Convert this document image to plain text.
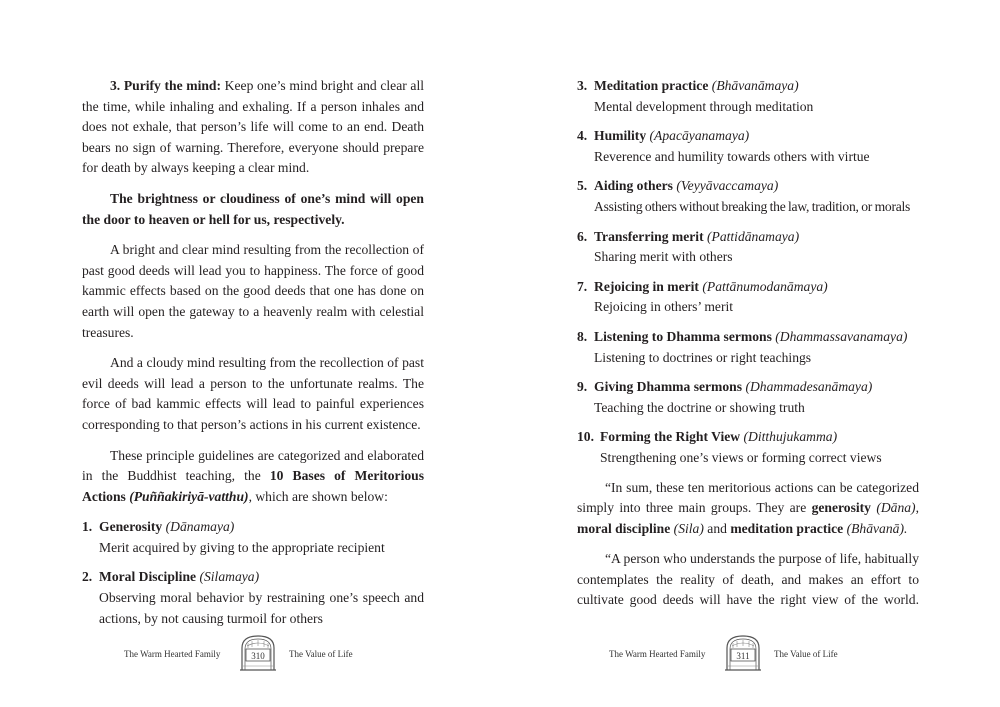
3. Purify the mind: Keep one’s mind bright and clear all the time, while inhaling and exhaling. If a person inhales and does not exhale, that person’s life will come to an end. Death bears no sign of warning. Therefore, everyone should prepare for death by always keeping a clear mind.

The brightness or cloudiness of one’s mind will open the door to heaven or hell for us, respectively.

A bright and clear mind resulting from the recollection of past good deeds will lead you to happiness. The force of good kammic effects based on the good deeds that one has done on earth will open the gateway to a heavenly realm with celestial treasures.

And a cloudy mind resulting from the recollection of past evil deeds will lead a person to the unfortunate realms. The force of bad kammic effects will lead to painful experiences corresponding to that person’s actions in his current existence.

These principle guidelines are categorized and elaborated in the Buddhist teaching, the 10 Bases of Meritorious Actions (Puññakiriyā-vatthu), which are shown below:

1. Generosity (Dānamaya)
Merit acquired by giving to the appropriate recipient
2. Moral Discipline (Silamaya)
Observing moral behavior by restraining one’s speech and actions, by not causing turmoil for others
The Warm Hearted Family	310	The Value of Life
3. Meditation practice (Bhāvanāmaya)
Mental development through meditation
4. Humility (Apacāyanamaya)
Reverence and humility towards others with virtue
5. Aiding others (Veyyāvaccamaya)
Assisting others without breaking the law, tradition, or morals
6. Transferring merit (Pattidānamaya)
Sharing merit with others
7. Rejoicing in merit (Pattānumodanāmaya)
Rejoicing in others’ merit
8. Listening to Dhamma sermons (Dhammassavanamaya)
Listening to doctrines or right teachings
9. Giving Dhamma sermons (Dhammadesanāmaya)
Teaching the doctrine or showing truth
10. Forming the Right View (Ditthujukamma)
Strengthening one’s views or forming correct views

“In sum, these ten meritorious actions can be categorized simply into three main groups. They are generosity (Dāna), moral discipline (Sila) and meditation practice (Bhāvanā).

“A person who understands the purpose of life, habitually contemplates the reality of death, and makes an effort to cultivate good deeds will have the right view of the world.

The Warm Hearted Family	311	The Value of Life
